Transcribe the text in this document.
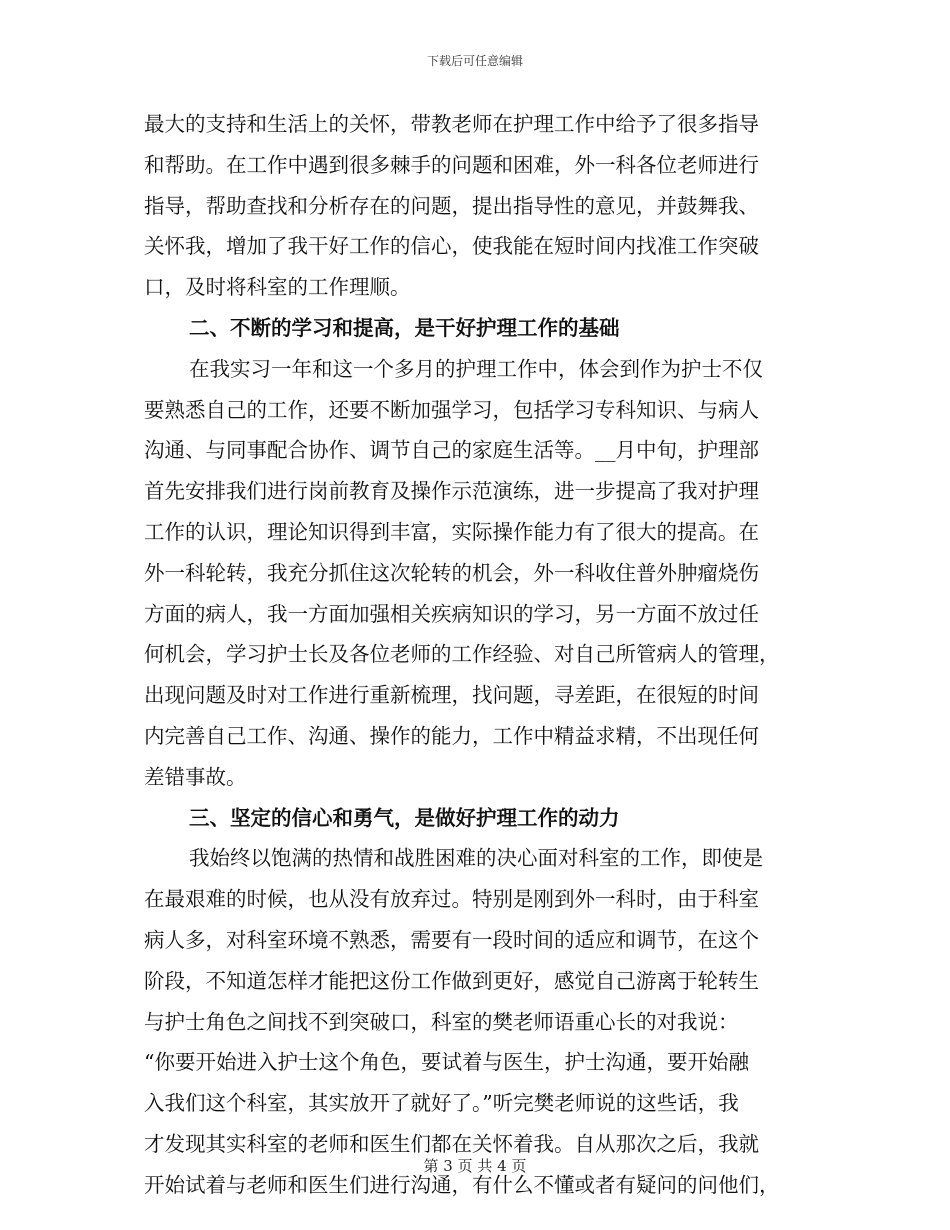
下载后可任意编辑
最大的支持和生活上的关怀，带教老师在护理工作中给予了很多指导
和帮助。在工作中遇到很多棘手的问题和困难，外一科各位老师进行
指导，帮助查找和分析存在的问题，提出指导性的意见，并鼓舞我、
关怀我，增加了我干好工作的信心，使我能在短时间内找准工作突破
口，及时将科室的工作理顺。
二、不断的学习和提高，是干好护理工作的基础
在我实习一年和这一个多月的护理工作中，体会到作为护士不仅
要熟悉自己的工作，还要不断加强学习，包括学习专科知识、与病人
沟通、与同事配合协作、调节自己的家庭生活等。__月中旬，护理部
首先安排我们进行岗前教育及操作示范演练，进一步提高了我对护理
工作的认识，理论知识得到丰富，实际操作能力有了很大的提高。在
外一科轮转，我充分抓住这次轮转的机会，外一科收住普外肿瘤烧伤
方面的病人，我一方面加强相关疾病知识的学习，另一方面不放过任
何机会，学习护士长及各位老师的工作经验、对自己所管病人的管理，
出现问题及时对工作进行重新梳理，找问题，寻差距，在很短的时间
内完善自己工作、沟通、操作的能力，工作中精益求精，不出现任何
差错事故。
三、坚定的信心和勇气，是做好护理工作的动力
我始终以饱满的热情和战胜困难的决心面对科室的工作，即使是
在最艰难的时候，也从没有放弃过。特别是刚到外一科时，由于科室
病人多，对科室环境不熟悉，需要有一段时间的适应和调节，在这个
阶段，不知道怎样才能把这份工作做到更好，感觉自己游离于轮转生
与护士角色之间找不到突破口，科室的樊老师语重心长的对我说：
“你要开始进入护士这个角色，要试着与医生，护士沟通，要开始融
入我们这个科室，其实放开了就好了。”听完樊老师说的这些话，我
才发现其实科室的老师和医生们都在关怀着我。自从那次之后，我就
开始试着与老师和医生们进行沟通，有什么不懂或者有疑问的问他们，
第 3 页 共 4 页
